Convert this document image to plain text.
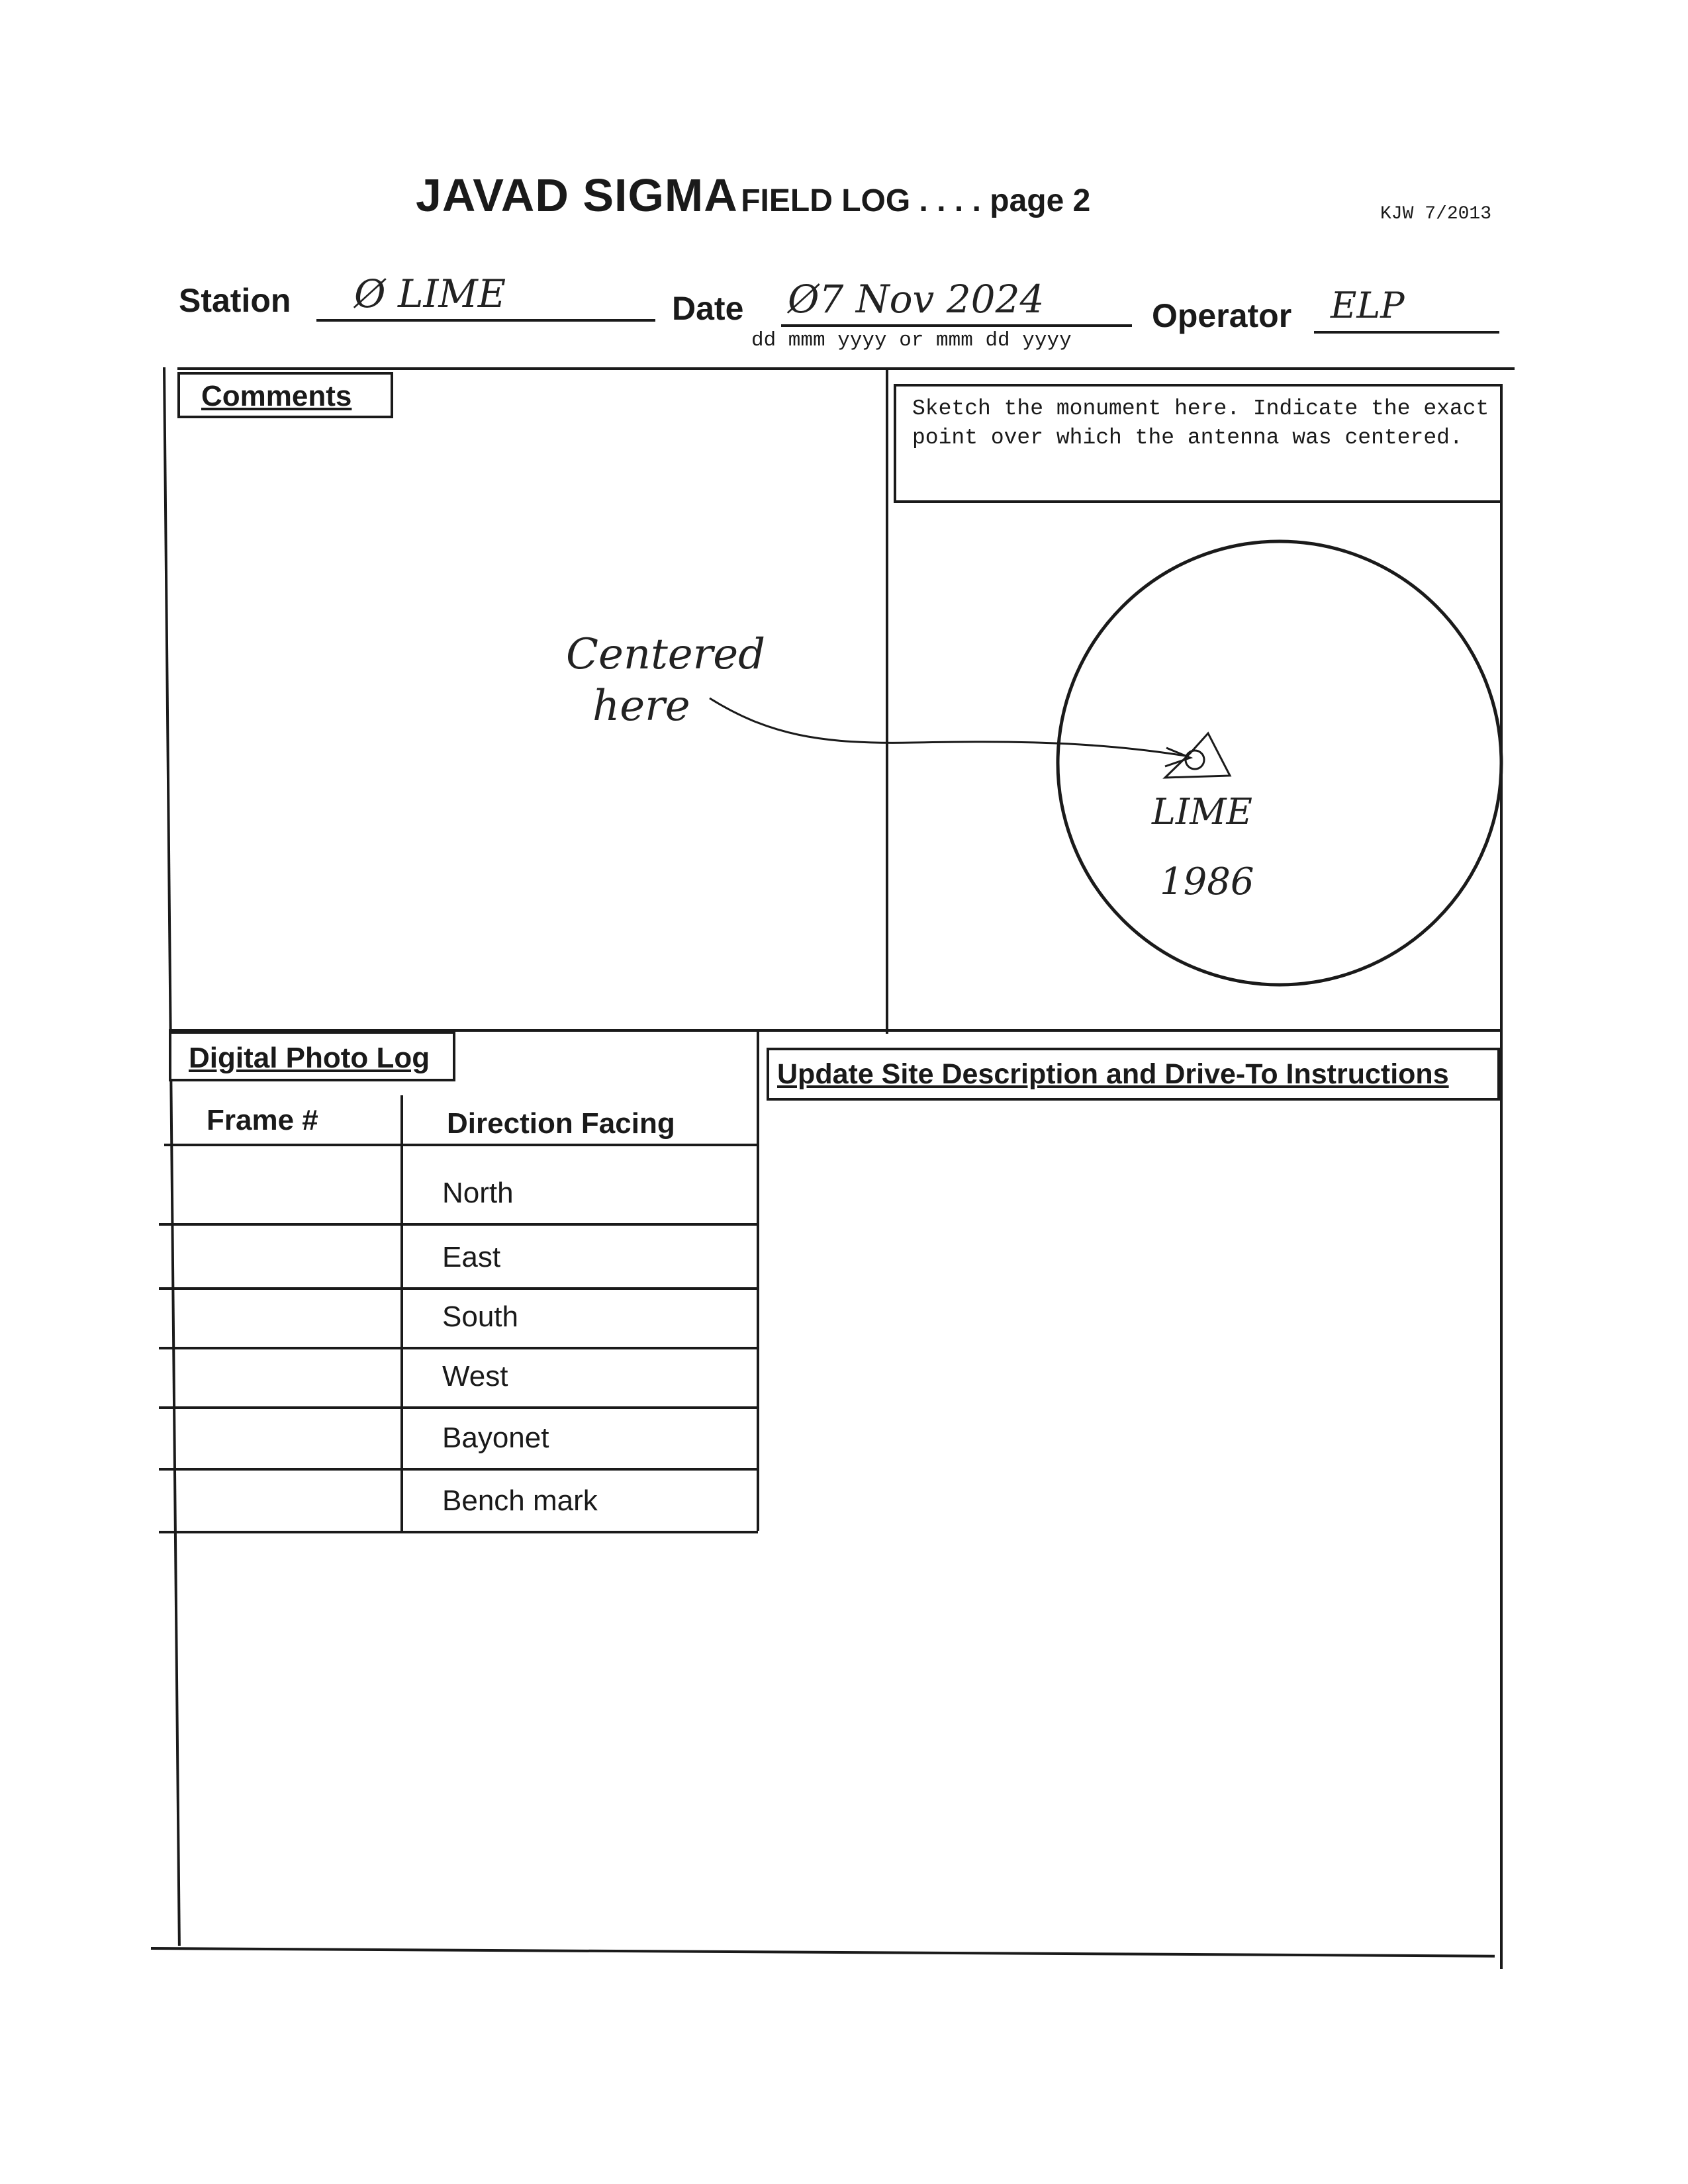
JAVAD SIGMA FIELD LOG . . . . page 2	KJW 7/2013
Station Ø LIME	Date Ø7 Nov 2024
dd mmm yyyy or mmm dd yyyy
Operator ELP
Comments
Centered
here
Sketch the monument here. Indicate the exact point over which the antenna was centered.
LIME
1986
Digital Photo Log
Frame #	Direction Facing
North
East
South
West
Bayonet
Bench mark
Update Site Description and Drive-To Instructions
